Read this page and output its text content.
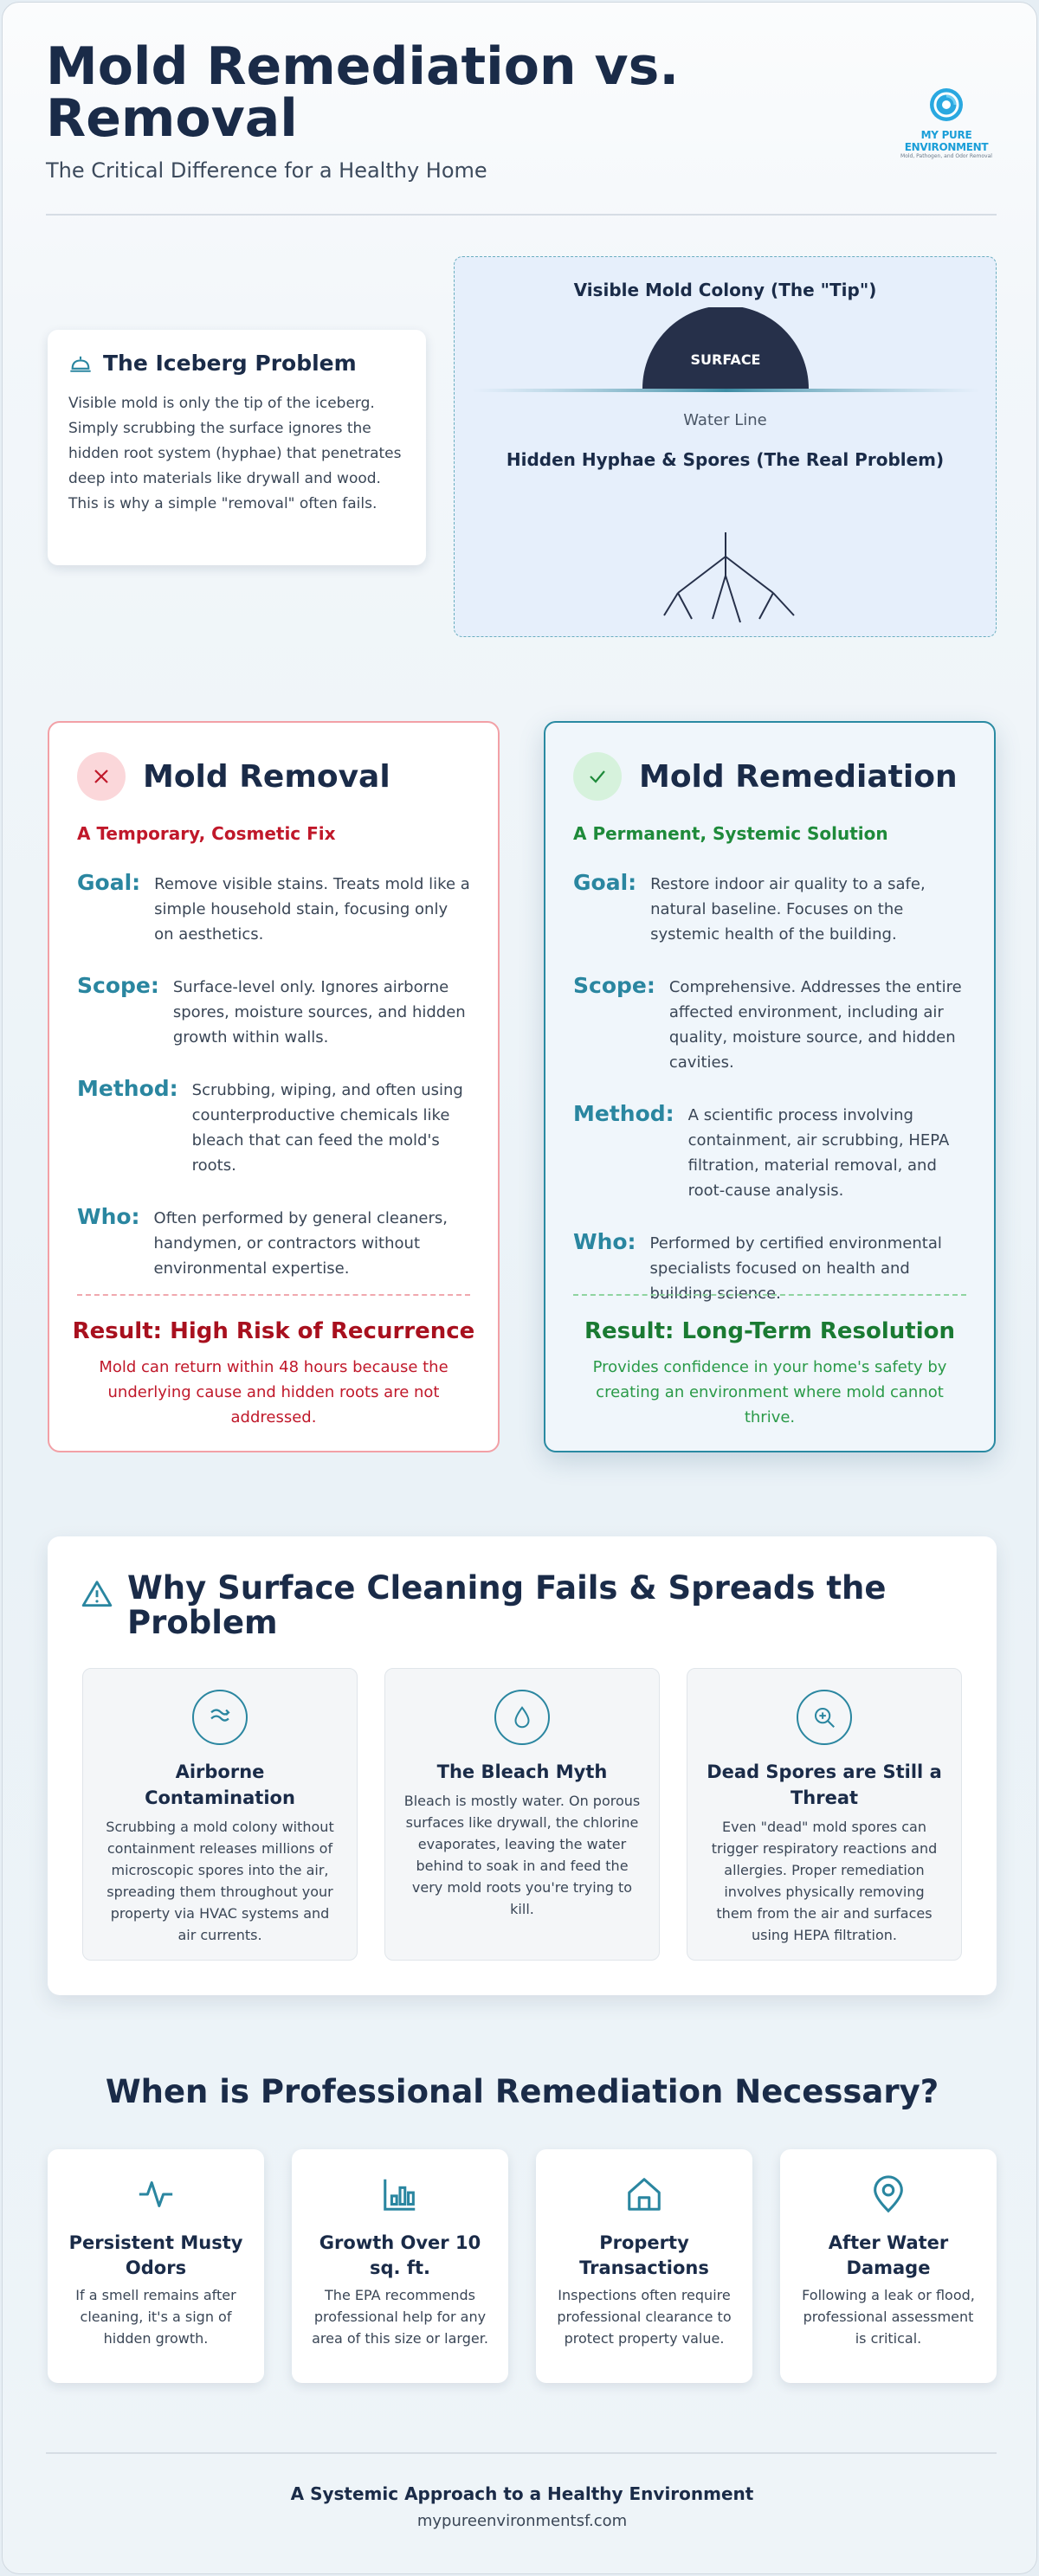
Mold Remediation vs. Removal
The Critical Difference for a Healthy Home
MY PURE ENVIRONMENT
Mold, Pathogen, and Odor Removal
The Iceberg Problem
Visible mold is only the tip of the iceberg. Simply scrubbing the surface ignores the hidden root system (hyphae) that penetrates deep into materials like drywall and wood. This is why a simple "removal" often fails.
Visible Mold Colony (The "Tip")
SURFACE
Water Line
Hidden Hyphae & Spores (The Real Problem)
Mold Removal
A Temporary, Cosmetic Fix
Goal: Remove visible stains. Treats mold like a simple household stain, focusing only on aesthetics.
Scope: Surface-level only. Ignores airborne spores, moisture sources, and hidden growth within walls.
Method: Scrubbing, wiping, and often using counterproductive chemicals like bleach that can feed the mold's roots.
Who: Often performed by general cleaners, handymen, or contractors without environmental expertise.
Result: High Risk of Recurrence
Mold can return within 48 hours because the underlying cause and hidden roots are not addressed.
Mold Remediation
A Permanent, Systemic Solution
Goal: Restore indoor air quality to a safe, natural baseline. Focuses on the systemic health of the building.
Scope: Comprehensive. Addresses the entire affected environment, including air quality, moisture source, and hidden cavities.
Method: A scientific process involving containment, air scrubbing, HEPA filtration, material removal, and root-cause analysis.
Who: Performed by certified environmental specialists focused on health and building science.
Result: Long-Term Resolution
Provides confidence in your home's safety by creating an environment where mold cannot thrive.
Why Surface Cleaning Fails & Spreads the Problem
Airborne Contamination
Scrubbing a mold colony without containment releases millions of microscopic spores into the air, spreading them throughout your property via HVAC systems and air currents.
The Bleach Myth
Bleach is mostly water. On porous surfaces like drywall, the chlorine evaporates, leaving the water behind to soak in and feed the very mold roots you're trying to kill.
Dead Spores are Still a Threat
Even "dead" mold spores can trigger respiratory reactions and allergies. Proper remediation involves physically removing them from the air and surfaces using HEPA filtration.
When is Professional Remediation Necessary?
Persistent Musty Odors
If a smell remains after cleaning, it's a sign of hidden growth.
Growth Over 10 sq. ft.
The EPA recommends professional help for any area of this size or larger.
Property Transactions
Inspections often require professional clearance to protect property value.
After Water Damage
Following a leak or flood, professional assessment is critical.
A Systemic Approach to a Healthy Environment
mypureenvironmentsf.com
